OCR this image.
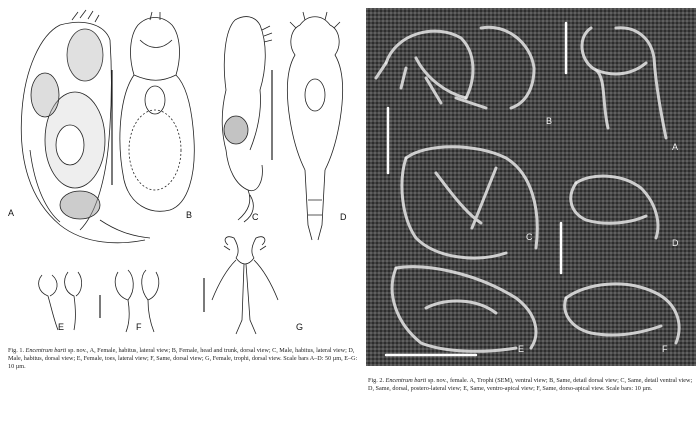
A	B	C	D
E	F	G
Fig. 1. Encentrum barti sp. nov., A, Female, habitus, lateral view; B, Female, head and trunk, dorsal view; C, Male, habitus, lateral view; D, Male, habitus, dorsal view; E, Female, toes, lateral view; F, Same, dorsal view; G, Female, trophi, dorsal view. Scale bars A–D: 50 µm, E–G: 10 µm.
B
A
C
D
E	F
Fig. 2. Encentrum barti sp. nov., female. A, Trophi (SEM), ventral view; B, Same, detail dorsal view; C, Same, detail ventral view; D, Same, dorsal, postero-lateral view; E, Same, ventro-apical view; F, Same, dorso-apical view. Scale bars: 10 µm.
